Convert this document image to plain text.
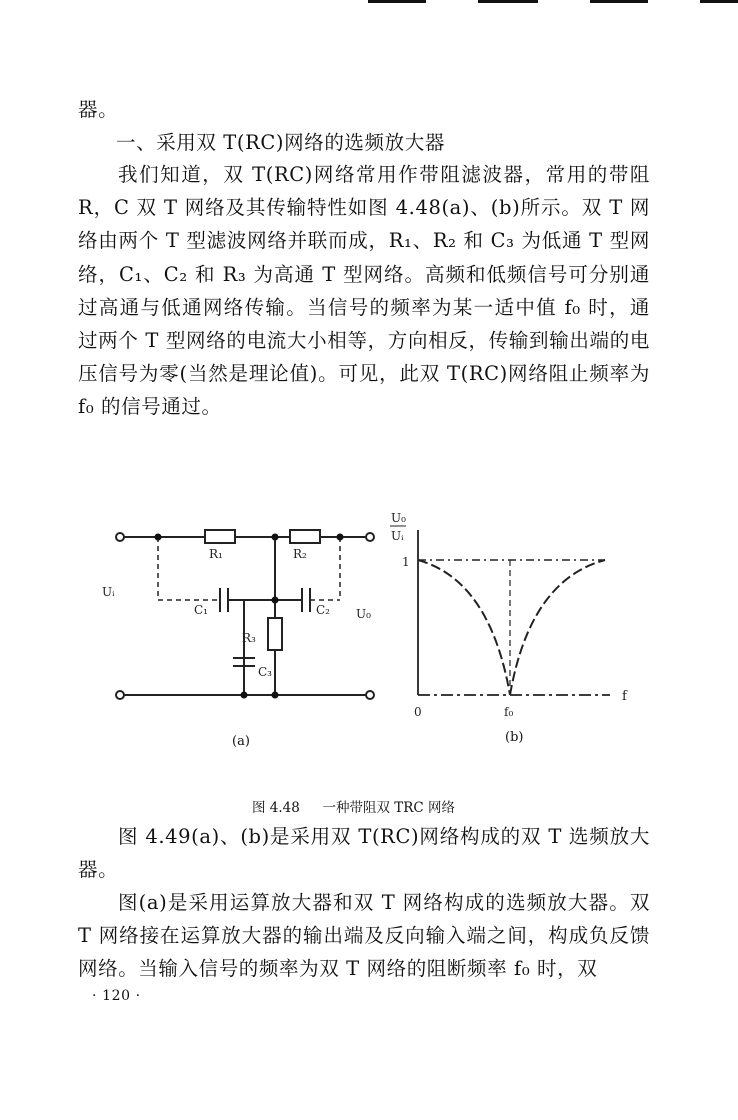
器。

一、采用双 T(RC)网络的选频放大器

我们知道，双 T(RC)网络常用作带阻滤波器，常用的带阻 R，C 双 T 网络及其传输特性如图 4.48(a)、(b)所示。双 T 网络由两个 T 型滤波网络并联而成，R₁、R₂ 和 C₃ 为低通 T 型网络，C₁、C₂ 和 R₃ 为高通 T 型网络。高频和低频信号可分别通过高通与低通网络传输。当信号的频率为某一适中值 f₀ 时，通过两个 T 型网络的电流大小相等，方向相反，传输到输出端的电压信号为零(当然是理论值)。可见，此双 T(RC)网络阻止频率为 f₀ 的信号通过。

R₁	R₂
R₃
C₁	C₂
C₃
Uᵢ
U₀
U₀
Uᵢ
1
0	f₀
f
(a)	(b)
图 4.48 一种带阻双 TRC 网络

图 4.49(a)、(b)是采用双 T(RC)网络构成的双 T 选频放大器。

图(a)是采用运算放大器和双 T 网络构成的选频放大器。双 T 网络接在运算放大器的输出端及反向输入端之间，构成负反馈网络。当输入信号的频率为双 T 网络的阻断频率 f₀ 时，双

· 120 ·
